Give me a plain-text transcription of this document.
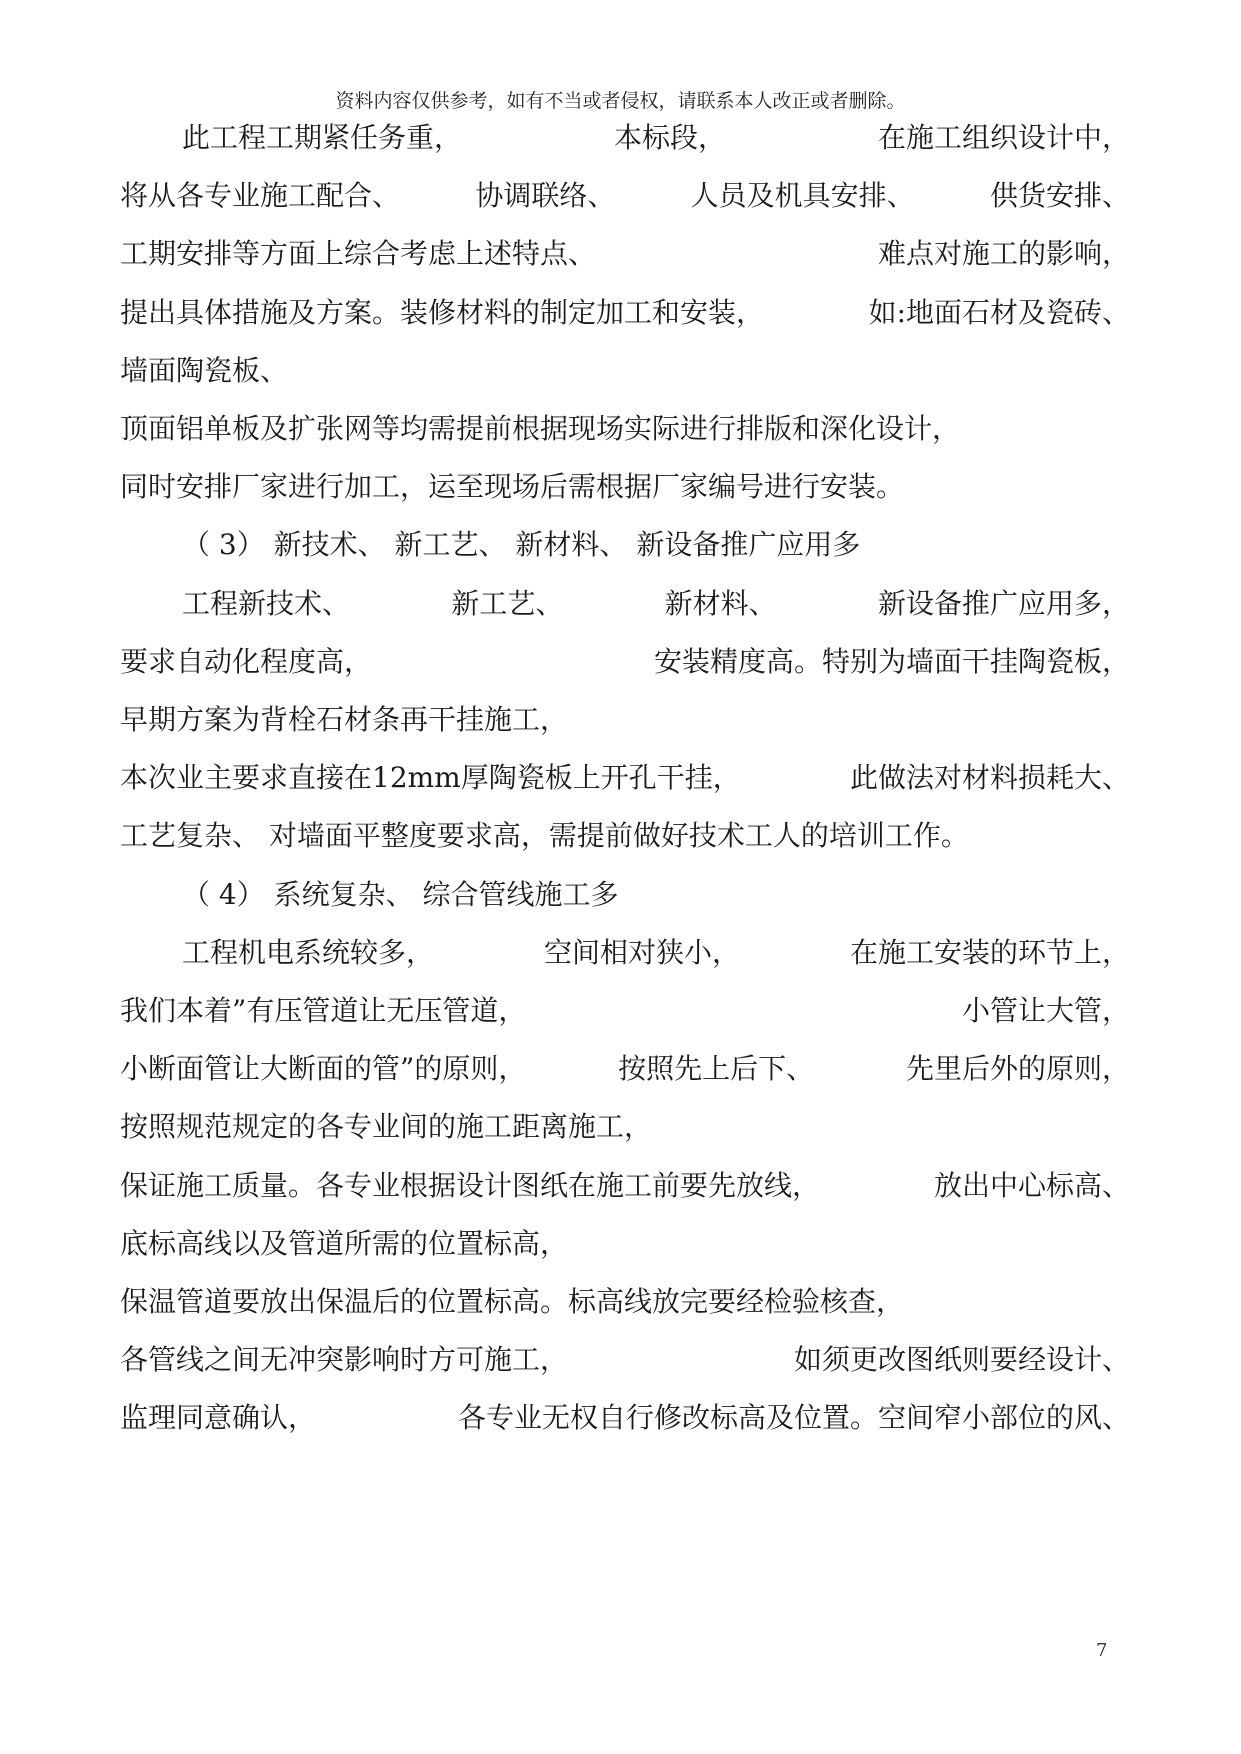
资料内容仅供参考，如有不当或者侵权，请联系本人改正或者删除。
此工程工期紧任务重，	本标段，	在施工组织设计中，
将从各专业施工配合、	协调联络、	人员及机具安排、	供货安排、
工期安排等方面上综合考虑上述特点、	难点对施工的影响，
提出具体措施及方案。装修材料的制定加工和安装，	如:地面石材及瓷砖、
墙面陶瓷板、
顶面铝单板及扩张网等均需提前根据现场实际进行排版和深化设计，
同时安排厂家进行加工，运至现场后需根据厂家编号进行安装。
（ 3） 新技术、 新工艺、 新材料、 新设备推广应用多
工程新技术、	新工艺、	新材料、	新设备推广应用多，
要求自动化程度高，	安装精度高。特别为墙面干挂陶瓷板，
早期方案为背栓石材条再干挂施工，
本次业主要求直接在12mm厚陶瓷板上开孔干挂，	此做法对材料损耗大、
工艺复杂、 对墙面平整度要求高，需提前做好技术工人的培训工作。
（ 4） 系统复杂、 综合管线施工多
工程机电系统较多，	空间相对狭小，	在施工安装的环节上，
我们本着”有压管道让无压管道，	小管让大管，
小断面管让大断面的管”的原则，	按照先上后下、	先里后外的原则，
按照规范规定的各专业间的施工距离施工，
保证施工质量。各专业根据设计图纸在施工前要先放线，	放出中心标高、
底标高线以及管道所需的位置标高，
保温管道要放出保温后的位置标高。标高线放完要经检验核查，
各管线之间无冲突影响时方可施工，	如须更改图纸则要经设计、
监理同意确认，	各专业无权自行修改标高及位置。空间窄小部位的风、
7
